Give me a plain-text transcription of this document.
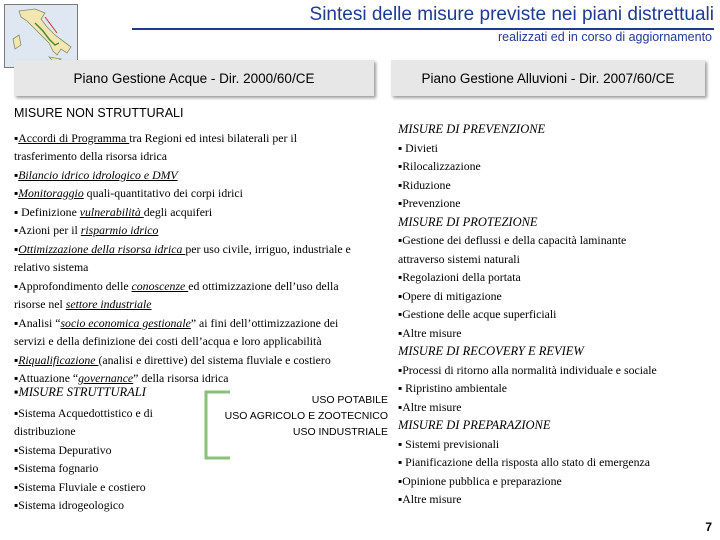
Sintesi delle misure previste nei piani distrettuali
realizzati ed in corso di aggiornamento
Piano Gestione Acque - Dir. 2000/60/CE	Piano Gestione Alluvioni - Dir. 2007/60/CE
MISURE NON STRUTTURALI
▪Accordi di Programma tra Regioni ed intesi bilaterali per il
trasferimento della risorsa idrica
▪Bilancio idrico idrologico e DMV
▪Monitoraggio quali-quantitativo dei corpi idrici
▪ Definizione vulnerabilità degli acquiferi
▪Azioni per il risparmio idrico
▪Ottimizzazione della risorsa idrica per uso civile, irriguo, industriale e
relativo sistema
▪Approfondimento delle conoscenze ed ottimizzazione dell’uso della
risorse nel settore industriale
▪Analisi “socio economica gestionale” ai fini dell’ottimizzazione dei
servizi e della definizione dei costi dell’acqua e loro applicabilità
▪Riqualificazione (analisi e direttive) del sistema fluviale e costiero
▪Attuazione “governance” della risorsa idrica
▪MISURE STRUTTURALI
▪Sistema Acquedottistico e di
distribuzione
▪Sistema Depurativo
▪Sistema fognario
▪Sistema Fluviale e costiero
▪Sistema idrogeologico
USO POTABILE
USO AGRICOLO E ZOOTECNICO
USO INDUSTRIALE
MISURE DI PREVENZIONE
▪ Divieti
▪Rilocalizzazione
▪Riduzione
▪Prevenzione
MISURE DI PROTEZIONE
▪Gestione dei deflussi e della capacità laminante
attraverso sistemi naturali
▪Regolazioni della portata
▪Opere di mitigazione
▪Gestione delle acque superficiali
▪Altre misure
MISURE DI RECOVERY E REVIEW
▪Processi di ritorno alla normalità individuale e sociale
▪ Ripristino ambientale
▪Altre misure
MISURE DI PREPARAZIONE
▪ Sistemi previsionali
▪ Pianificazione della risposta allo stato di emergenza
▪Opinione pubblica e preparazione
▪Altre misure
7
